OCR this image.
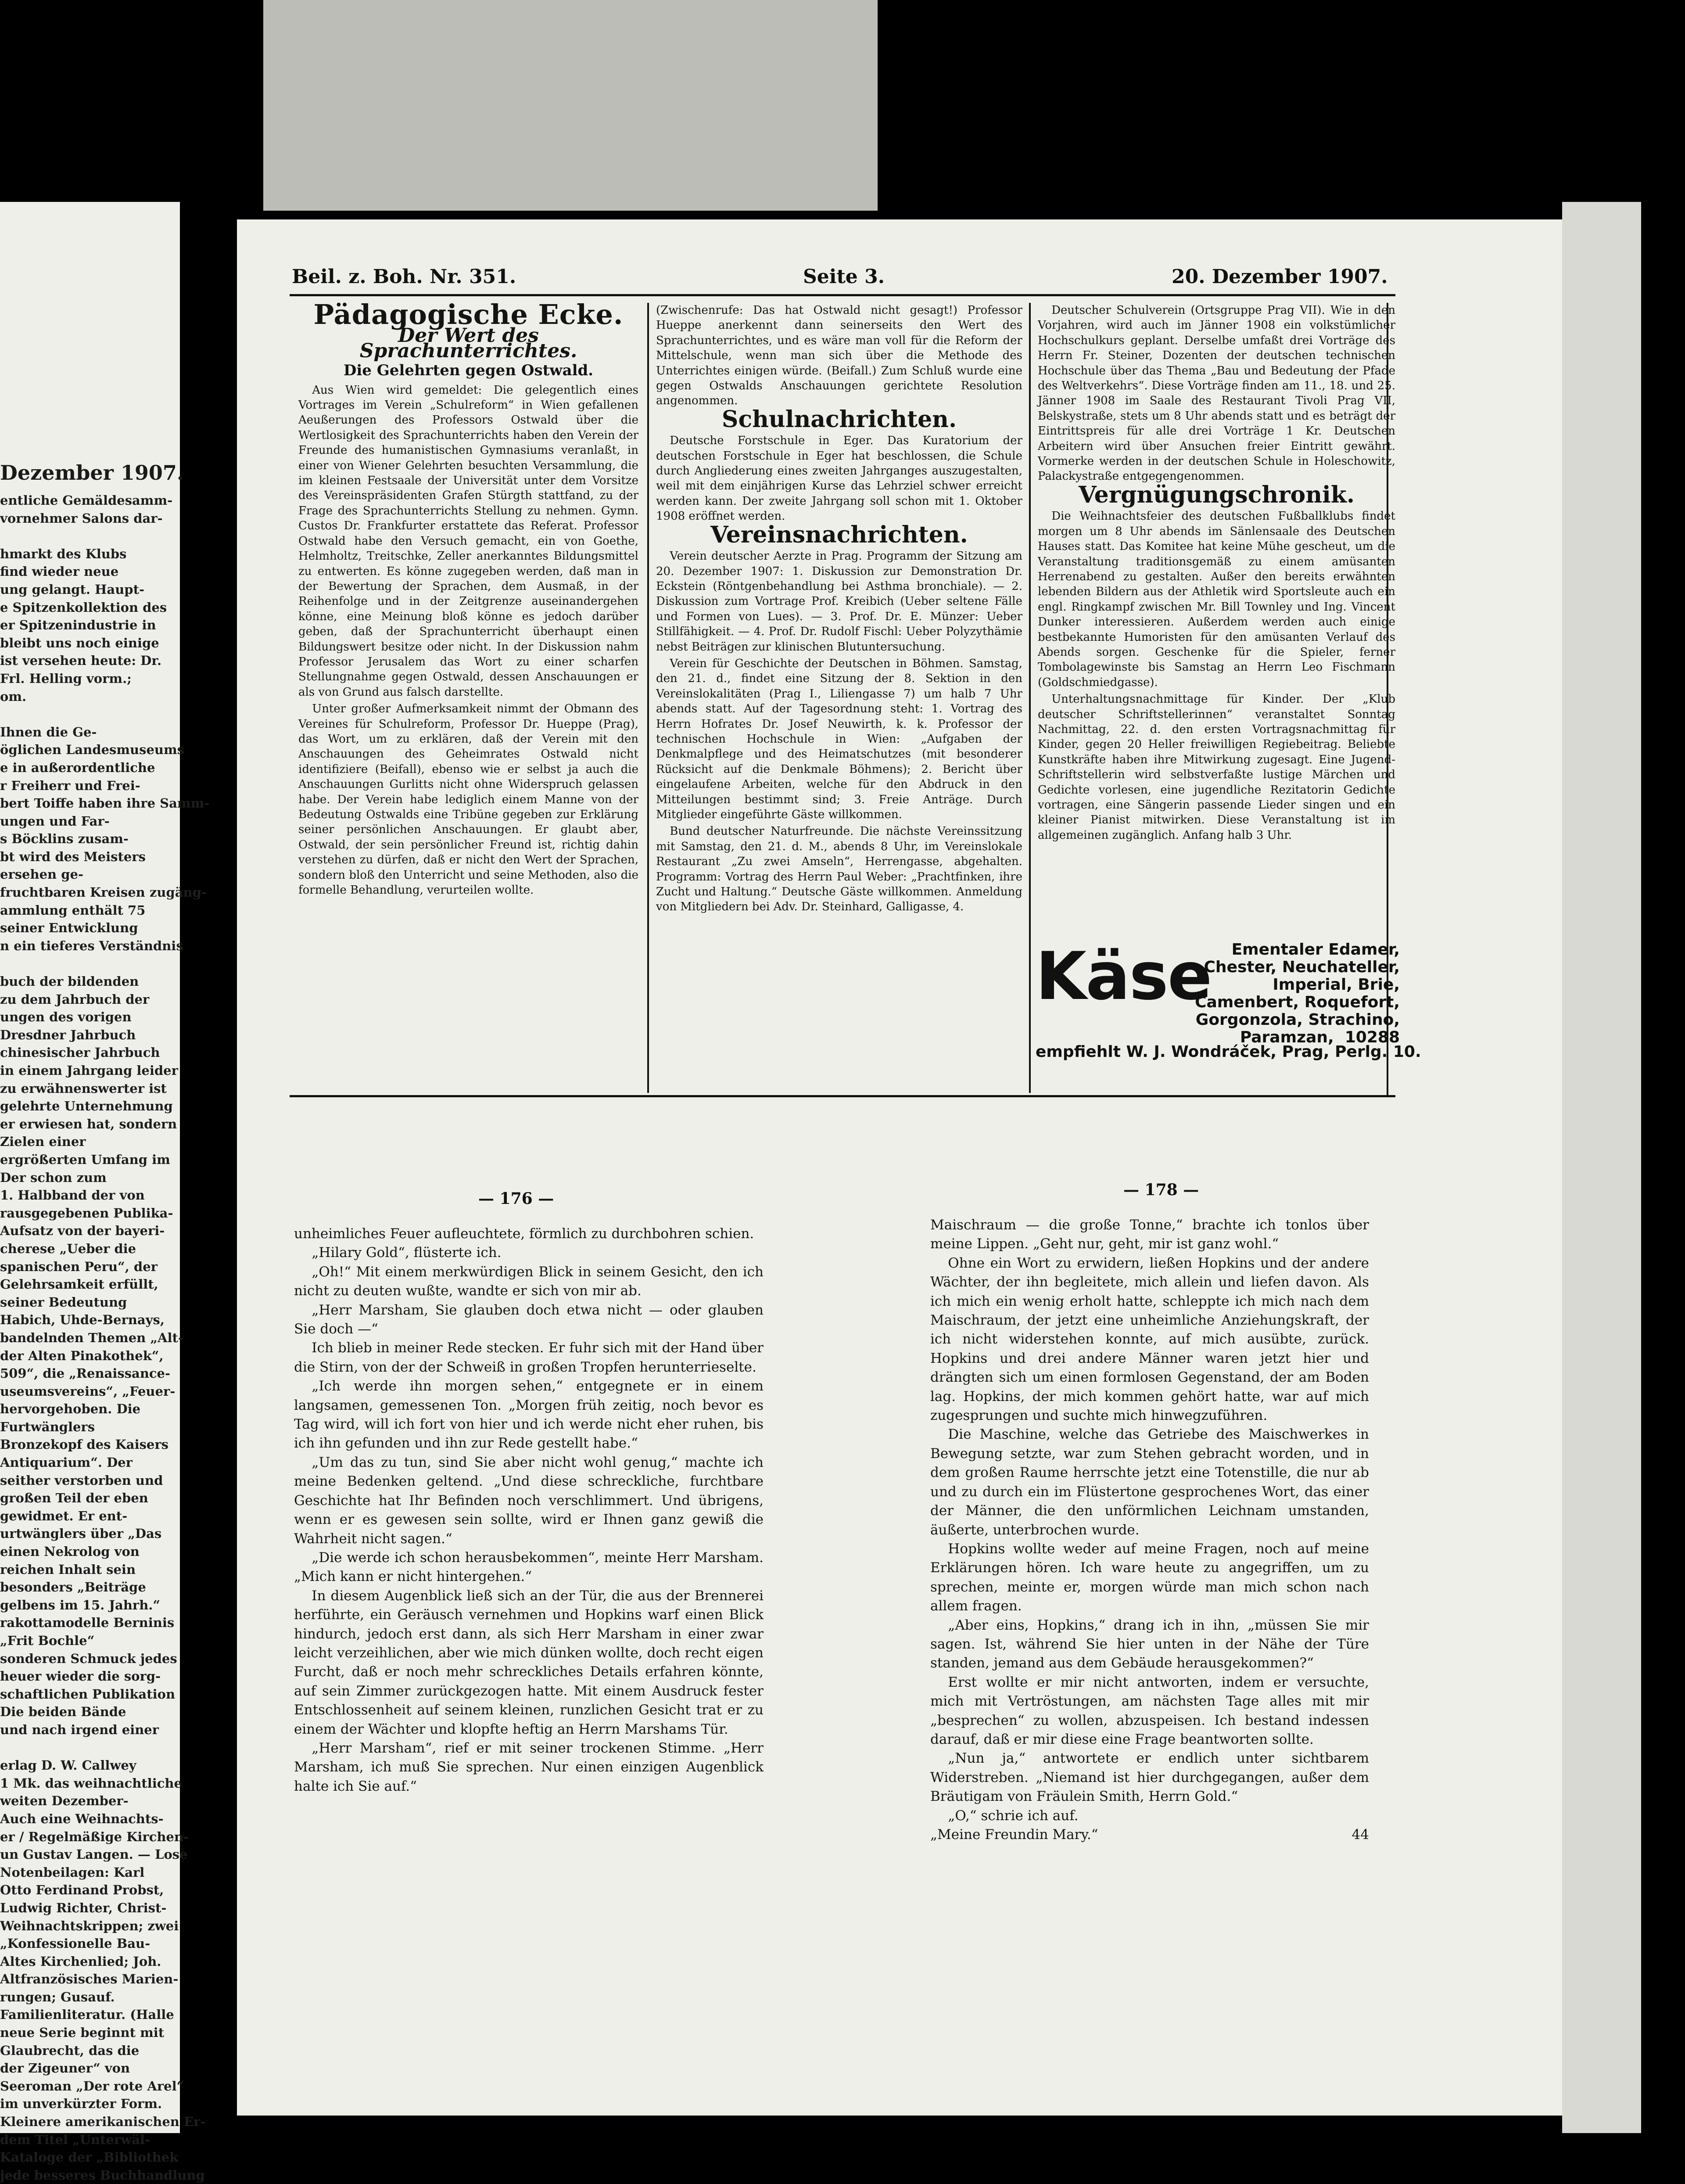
Dezember 1907.
entliche Gemäldesamm-
vornehmer Salons dar-

hmarkt des Klubs
find wieder neue
ung gelangt. Haupt-
e Spitzenkollektion des
er Spitzenindustrie in
bleibt uns noch einige
ist versehen heute: Dr.
Frl. Helling vorm.;
om.

Ihnen die Ge-
öglichen Landesmuseums
e in außerordentliche
r Freiherr und Frei-
bert Toiffe haben ihre Samm-
ungen und Far-
s Böcklins zusam-
bt wird des Meisters
ersehen ge-
fruchtbaren Kreisen zugäng-
ammlung enthält 75
seiner Entwicklung
n ein tieferes Verständnis

buch der bildenden
zu dem Jahrbuch der
ungen des vorigen
Dresdner Jahrbuch
chinesischer Jahrbuch
in einem Jahrgang leider
zu erwähnenswerter ist
gelehrte Unternehmung
er erwiesen hat, sondern
Zielen einer
ergrößerten Umfang im
Der schon zum
1. Halbband der von
rausgegebenen Publika-
Aufsatz von der bayeri-
cherese „Ueber die
spanischen Peru“, der
Gelehrsamkeit erfüllt,
seiner Bedeutung
Habich, Uhde-Bernays,
bandelnden Themen „Alt-
der Alten Pinakothek“,
509“, die „Renaissance-
useumsvereins“, „Feuer-
hervorgehoben. Die
Furtwänglers
Bronzekopf des Kaisers
Antiquarium“. Der
seither verstorben und
großen Teil der eben
gewidmet. Er ent-
urtwänglers über „Das
einen Nekrolog von
reichen Inhalt sein
besonders „Beiträge
gelbens im 15. Jahrh.“
rakottamodelle Berninis
„Frit Bochle“
sonderen Schmuck jedes
heuer wieder die sorg-
schaftlichen Publikation
Die beiden Bände
und nach irgend einer

erlag D. W. Callwey
1 Mk. das weihnachtliche
weiten Dezember-
Auch eine Weihnachts-
er / Regelmäßige Kirchen-
un Gustav Langen. — Lose
Notenbeilagen: Karl
Otto Ferdinand Probst,
Ludwig Richter, Christ-
Weihnachtskrippen; zwei
„Konfessionelle Bau-
Altes Kirchenlied; Joh.
Altfranzösisches Marien-
rungen; Gusauf.
Familienliteratur. (Halle
neue Serie beginnt mit
Glaubrecht, das die
der Zigeuner“ von
Seeroman „Der rote Arel“
im unverkürzter Form.
Kleinere amerikanischen Er-
dem Titel „Unterwäl-
Kataloge der „Bibliothek
jede besseres Buchhandlung
Beil. z. Boh. Nr. 351.	Seite 3.	20. Dezember 1907.
Pädagogische Ecke.
Der Wert des Sprachunterrichtes.
Die Gelehrten gegen Ostwald.

Aus Wien wird gemeldet: Die gelegentlich eines Vortrages im Verein „Schulreform“ in Wien gefallenen Aeußerungen des Professors Ostwald über die Wertlosigkeit des Sprachunterrichts haben den Verein der Freunde des humanistischen Gymnasiums veranlaßt, in einer von Wiener Gelehrten besuchten Versammlung, die im kleinen Festsaale der Universität unter dem Vorsitze des Vereinspräsidenten Grafen Stürgth stattfand, zu der Frage des Sprachunterrichts Stellung zu nehmen. Gymn. Custos Dr. Frankfurter erstattete das Referat. Professor Ostwald habe den Versuch gemacht, ein von Goethe, Helmholtz, Treitschke, Zeller anerkanntes Bildungsmittel zu entwerten. Es könne zugegeben werden, daß man in der Bewertung der Sprachen, dem Ausmaß, in der Reihenfolge und in der Zeitgrenze auseinandergehen könne, eine Meinung bloß könne es jedoch darüber geben, daß der Sprachunterricht überhaupt einen Bildungswert besitze oder nicht. In der Diskussion nahm Professor Jerusalem das Wort zu einer scharfen Stellungnahme gegen Ostwald, dessen Anschauungen er als von Grund aus falsch darstellte.

Unter großer Aufmerksamkeit nimmt der Obmann des Vereines für Schulreform, Professor Dr. Hueppe (Prag), das Wort, um zu erklären, daß der Verein mit den Anschauungen des Geheimrates Ostwald nicht identifiziere (Beifall), ebenso wie er selbst ja auch die Anschauungen Gurlitts nicht ohne Widerspruch gelassen habe. Der Verein habe lediglich einem Manne von der Bedeutung Ostwalds eine Tribüne gegeben zur Erklärung seiner persönlichen Anschauungen. Er glaubt aber, Ostwald, der sein persönlicher Freund ist, richtig dahin verstehen zu dürfen, daß er nicht den Wert der Sprachen, sondern bloß den Unterricht und seine Methoden, also die formelle Behandlung, verurteilen wollte.

(Zwischenrufe: Das hat Ostwald nicht gesagt!) Professor Hueppe anerkennt dann seinerseits den Wert des Sprachunterrichtes, und es wäre man voll für die Reform der Mittelschule, wenn man sich über die Methode des Unterrichtes einigen würde. (Beifall.) Zum Schluß wurde eine gegen Ostwalds Anschauungen gerichtete Resolution angenommen.

Schulnachrichten.

Deutsche Forstschule in Eger. Das Kuratorium der deutschen Forstschule in Eger hat beschlossen, die Schule durch Angliederung eines zweiten Jahrganges auszugestalten, weil mit dem einjährigen Kurse das Lehrziel schwer erreicht werden kann. Der zweite Jahrgang soll schon mit 1. Oktober 1908 eröffnet werden.

Vereinsnachrichten.

Verein deutscher Aerzte in Prag. Programm der Sitzung am 20. Dezember 1907: 1. Diskussion zur Demonstration Dr. Eckstein (Röntgenbehandlung bei Asthma bronchiale). — 2. Diskussion zum Vortrage Prof. Kreibich (Ueber seltene Fälle und Formen von Lues). — 3. Prof. Dr. E. Münzer: Ueber Stillfähigkeit. — 4. Prof. Dr. Rudolf Fischl: Ueber Polyzythämie nebst Beiträgen zur klinischen Blutuntersuchung.

Verein für Geschichte der Deutschen in Böhmen. Samstag, den 21. d., findet eine Sitzung der 8. Sektion in den Vereinslokalitäten (Prag I., Liliengasse 7) um halb 7 Uhr abends statt. Auf der Tagesordnung steht: 1. Vortrag des Herrn Hofrates Dr. Josef Neuwirth, k. k. Professor der technischen Hochschule in Wien: „Aufgaben der Denkmalpflege und des Heimatschutzes (mit besonderer Rücksicht auf die Denkmale Böhmens); 2. Bericht über eingelaufene Arbeiten, welche für den Abdruck in den Mitteilungen bestimmt sind; 3. Freie Anträge. Durch Mitglieder eingeführte Gäste willkommen.

Bund deutscher Naturfreunde. Die nächste Vereinssitzung mit Samstag, den 21. d. M., abends 8 Uhr, im Vereinslokale Restaurant „Zu zwei Amseln“, Herrengasse, abgehalten. Programm: Vortrag des Herrn Paul Weber: „Prachtfinken, ihre Zucht und Haltung.“ Deutsche Gäste willkommen. Anmeldung von Mitgliedern bei Adv. Dr. Steinhard, Galligasse, 4.

Deutscher Schulverein (Ortsgruppe Prag VII). Wie in den Vorjahren, wird auch im Jänner 1908 ein volkstümlicher Hochschulkurs geplant. Derselbe umfaßt drei Vorträge des Herrn Fr. Steiner, Dozenten der deutschen technischen Hochschule über das Thema „Bau und Bedeutung der Pfade des Weltverkehrs“. Diese Vorträge finden am 11., 18. und 25. Jänner 1908 im Saale des Restaurant Tivoli Prag VII, Belskystraße, stets um 8 Uhr abends statt und es beträgt der Eintrittspreis für alle drei Vorträge 1 Kr. Deutschen Arbeitern wird über Ansuchen freier Eintritt gewährt. Vormerke werden in der deutschen Schule in Holeschowitz, Palackystraße entgegengenommen.

Vergnügungschronik.

Die Weihnachtsfeier des deutschen Fußballklubs findet morgen um 8 Uhr abends im Sänlensaale des Deutschen Hauses statt. Das Komitee hat keine Mühe gescheut, um die Veranstaltung traditionsgemäß zu einem amüsanten Herrenabend zu gestalten. Außer den bereits erwähnten lebenden Bildern aus der Athletik wird Sportsleute auch ein engl. Ringkampf zwischen Mr. Bill Townley und Ing. Vincent Dunker interessieren. Außerdem werden auch einige bestbekannte Humoristen für den amüsanten Verlauf des Abends sorgen. Geschenke für die Spieler, ferner Tombolagewinste bis Samstag an Herrn Leo Fischmann (Goldschmiedgasse).

Unterhaltungsnachmittage für Kinder. Der „Klub deutscher Schriftstellerinnen“ veranstaltet Sonntag Nachmittag, 22. d. den ersten Vortragsnachmittag für Kinder, gegen 20 Heller freiwilligen Regiebeitrag. Beliebte Kunstkräfte haben ihre Mitwirkung zugesagt. Eine Jugend-Schriftstellerin wird selbstverfaßte lustige Märchen und Gedichte vorlesen, eine jugendliche Rezitatorin Gedichte vortragen, eine Sängerin passende Lieder singen und ein kleiner Pianist mitwirken. Diese Veranstaltung ist im allgemeinen zugänglich. Anfang halb 3 Uhr.

Käse	Ementaler Edamer,
Chester, Neuchateller,
Imperial, Brie,
Camenbert, Roquefort,
Gorgonzola, Strachino,
Paramzan, 10288
empfiehlt W. J. Wondráček, Prag, Perlg. 10.
— 176 —	— 178 —

unheimliches Feuer aufleuchtete, förmlich zu durchbohren schien.

„Hilary Gold“, flüsterte ich.

„Oh!“ Mit einem merkwürdigen Blick in seinem Gesicht, den ich nicht zu deuten wußte, wandte er sich von mir ab.

„Herr Marsham, Sie glauben doch etwa nicht — oder glauben Sie doch —“

Ich blieb in meiner Rede stecken. Er fuhr sich mit der Hand über die Stirn, von der der Schweiß in großen Tropfen herunterrieselte.

„Ich werde ihn morgen sehen,“ entgegnete er in einem langsamen, gemessenen Ton. „Morgen früh zeitig, noch bevor es Tag wird, will ich fort von hier und ich werde nicht eher ruhen, bis ich ihn gefunden und ihn zur Rede gestellt habe.“

„Um das zu tun, sind Sie aber nicht wohl genug,“ machte ich meine Bedenken geltend. „Und diese schreckliche, furchtbare Geschichte hat Ihr Befinden noch verschlimmert. Und übrigens, wenn er es gewesen sein sollte, wird er Ihnen ganz gewiß die Wahrheit nicht sagen.“

„Die werde ich schon herausbekommen“, meinte Herr Marsham. „Mich kann er nicht hintergehen.“

In diesem Augenblick ließ sich an der Tür, die aus der Brennerei herführte, ein Geräusch vernehmen und Hopkins warf einen Blick hindurch, jedoch erst dann, als sich Herr Marsham in einer zwar leicht verzeihlichen, aber wie mich dünken wollte, doch recht eigen Furcht, daß er noch mehr schreckliches Details erfahren könnte, auf sein Zimmer zurückgezogen hatte. Mit einem Ausdruck fester Entschlossenheit auf seinem kleinen, runzlichen Gesicht trat er zu einem der Wächter und klopfte heftig an Herrn Marshams Tür.

„Herr Marsham“, rief er mit seiner trockenen Stimme. „Herr Marsham, ich muß Sie sprechen. Nur einen einzigen Augenblick halte ich Sie auf.“

Maischraum — die große Tonne,“ brachte ich tonlos über meine Lippen. „Geht nur, geht, mir ist ganz wohl.“

Ohne ein Wort zu erwidern, ließen Hopkins und der andere Wächter, der ihn begleitete, mich allein und liefen davon. Als ich mich ein wenig erholt hatte, schleppte ich mich nach dem Maischraum, der jetzt eine unheimliche Anziehungskraft, der ich nicht widerstehen konnte, auf mich ausübte, zurück. Hopkins und drei andere Männer waren jetzt hier und drängten sich um einen formlosen Gegenstand, der am Boden lag. Hopkins, der mich kommen gehört hatte, war auf mich zugesprungen und suchte mich hinwegzuführen.

Die Maschine, welche das Getriebe des Maischwerkes in Bewegung setzte, war zum Stehen gebracht worden, und in dem großen Raume herrschte jetzt eine Totenstille, die nur ab und zu durch ein im Flüstertone gesprochenes Wort, das einer der Männer, die den unförmlichen Leichnam umstanden, äußerte, unterbrochen wurde.

Hopkins wollte weder auf meine Fragen, noch auf meine Erklärungen hören. Ich ware heute zu angegriffen, um zu sprechen, meinte er, morgen würde man mich schon nach allem fragen.

„Aber eins, Hopkins,“ drang ich in ihn, „müssen Sie mir sagen. Ist, während Sie hier unten in der Nähe der Türe standen, jemand aus dem Gebäude herausgekommen?“

Erst wollte er mir nicht antworten, indem er versuchte, mich mit Vertröstungen, am nächsten Tage alles mit mir „besprechen“ zu wollen, abzuspeisen. Ich bestand indessen darauf, daß er mir diese eine Frage beantworten sollte.

„Nun ja,“ antwortete er endlich unter sichtbarem Widerstreben. „Niemand ist hier durchgegangen, außer dem Bräutigam von Fräulein Smith, Herrn Gold.“

„O,“ schrie ich auf.

„Meine Freundin Mary.“	44
